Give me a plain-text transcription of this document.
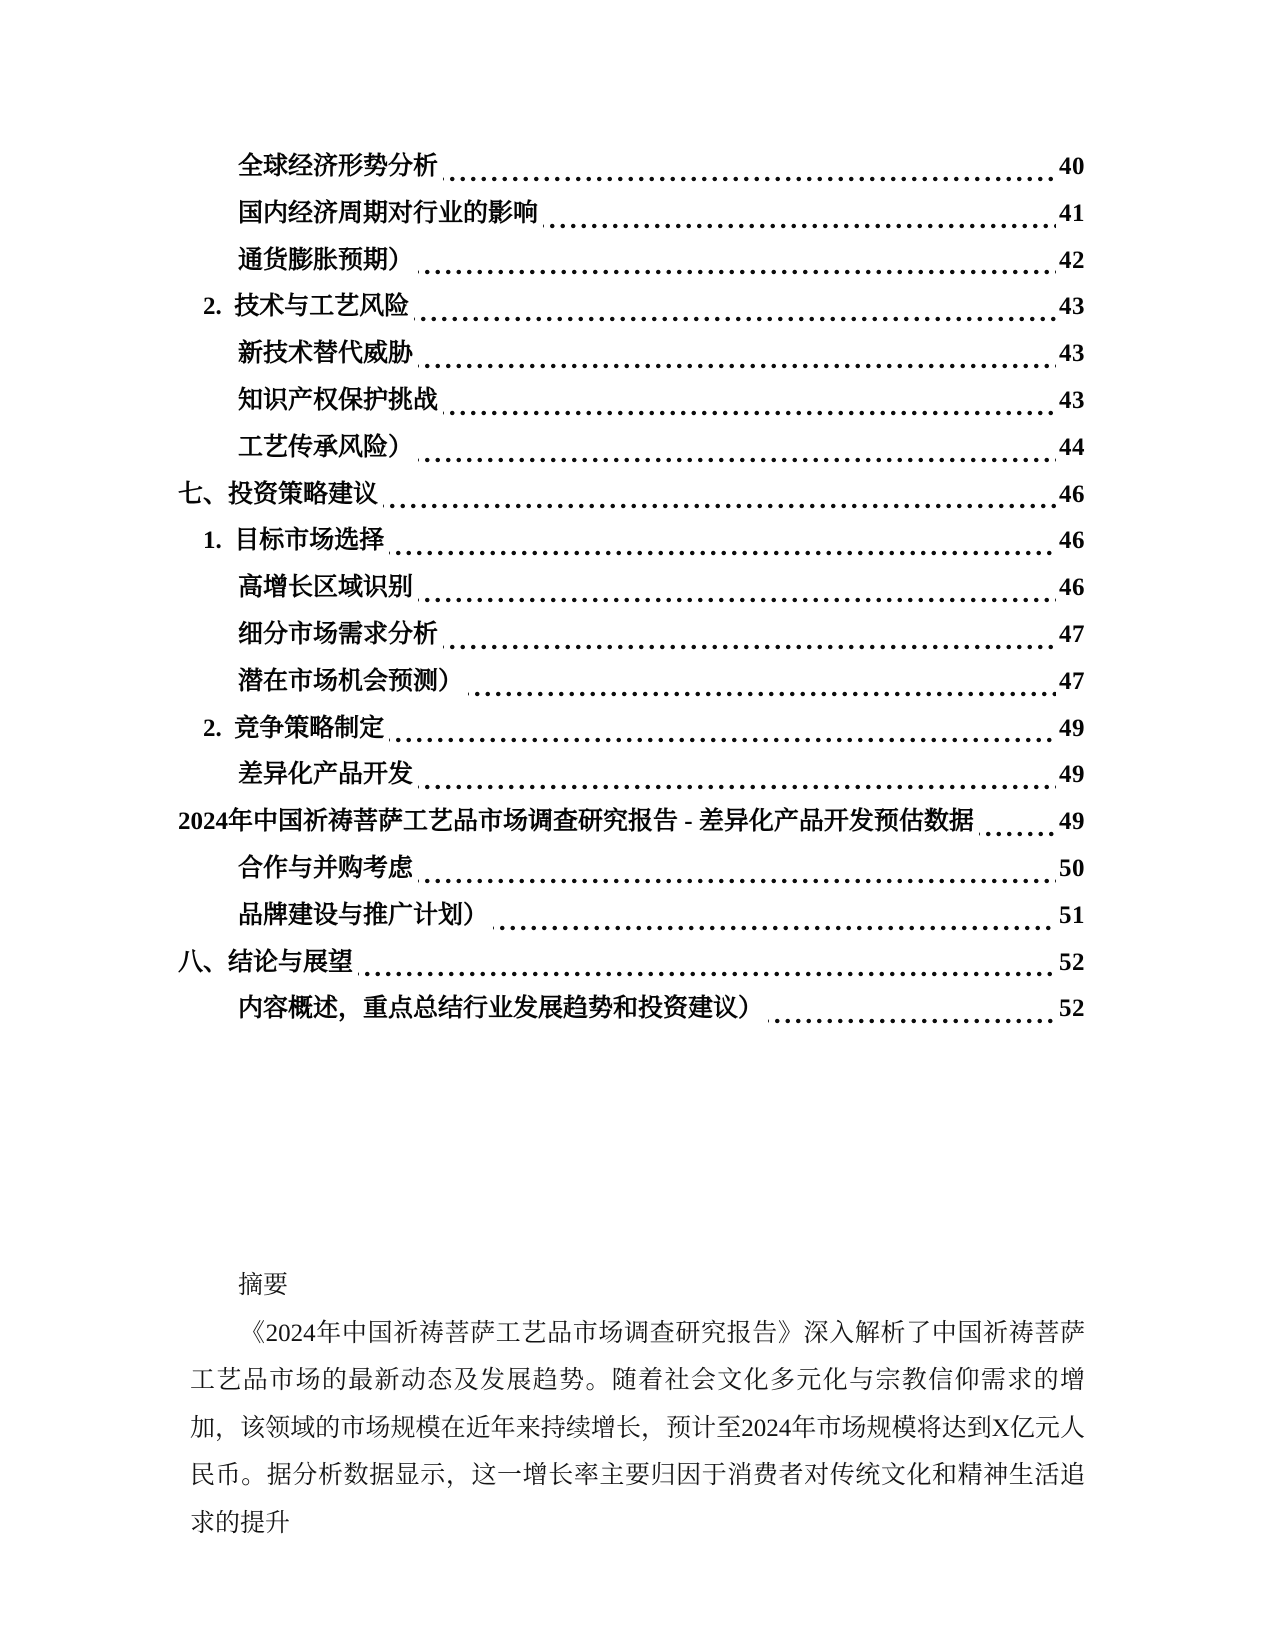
全球经济形势分析	40
国内经济周期对行业的影响	41
通货膨胀预期）	42
2.  技术与工艺风险	43
新技术替代威胁	43
知识产权保护挑战	43
工艺传承风险）	44
七、投资策略建议	46
1.  目标市场选择	46
高增长区域识别	46
细分市场需求分析	47
潜在市场机会预测）	47
2.  竞争策略制定	49
差异化产品开发	49
2024年中国祈祷菩萨工艺品市场调查研究报告 - 差异化产品开发预估数据	49
合作与并购考虑	50
品牌建设与推广计划）	51
八、结论与展望	52
内容概述，重点总结行业发展趋势和投资建议）	52
摘要

《2024年中国祈祷菩萨工艺品市场调查研究报告》深入解析了中国祈祷菩萨工艺品市场的最新动态及发展趋势。随着社会文化多元化与宗教信仰需求的增加，该领域的市场规模在近年来持续增长，预计至2024年市场规模将达到X亿元人民币。据分析数据显示，这一增长率主要归因于消费者对传统文化和精神生活追求的提升
